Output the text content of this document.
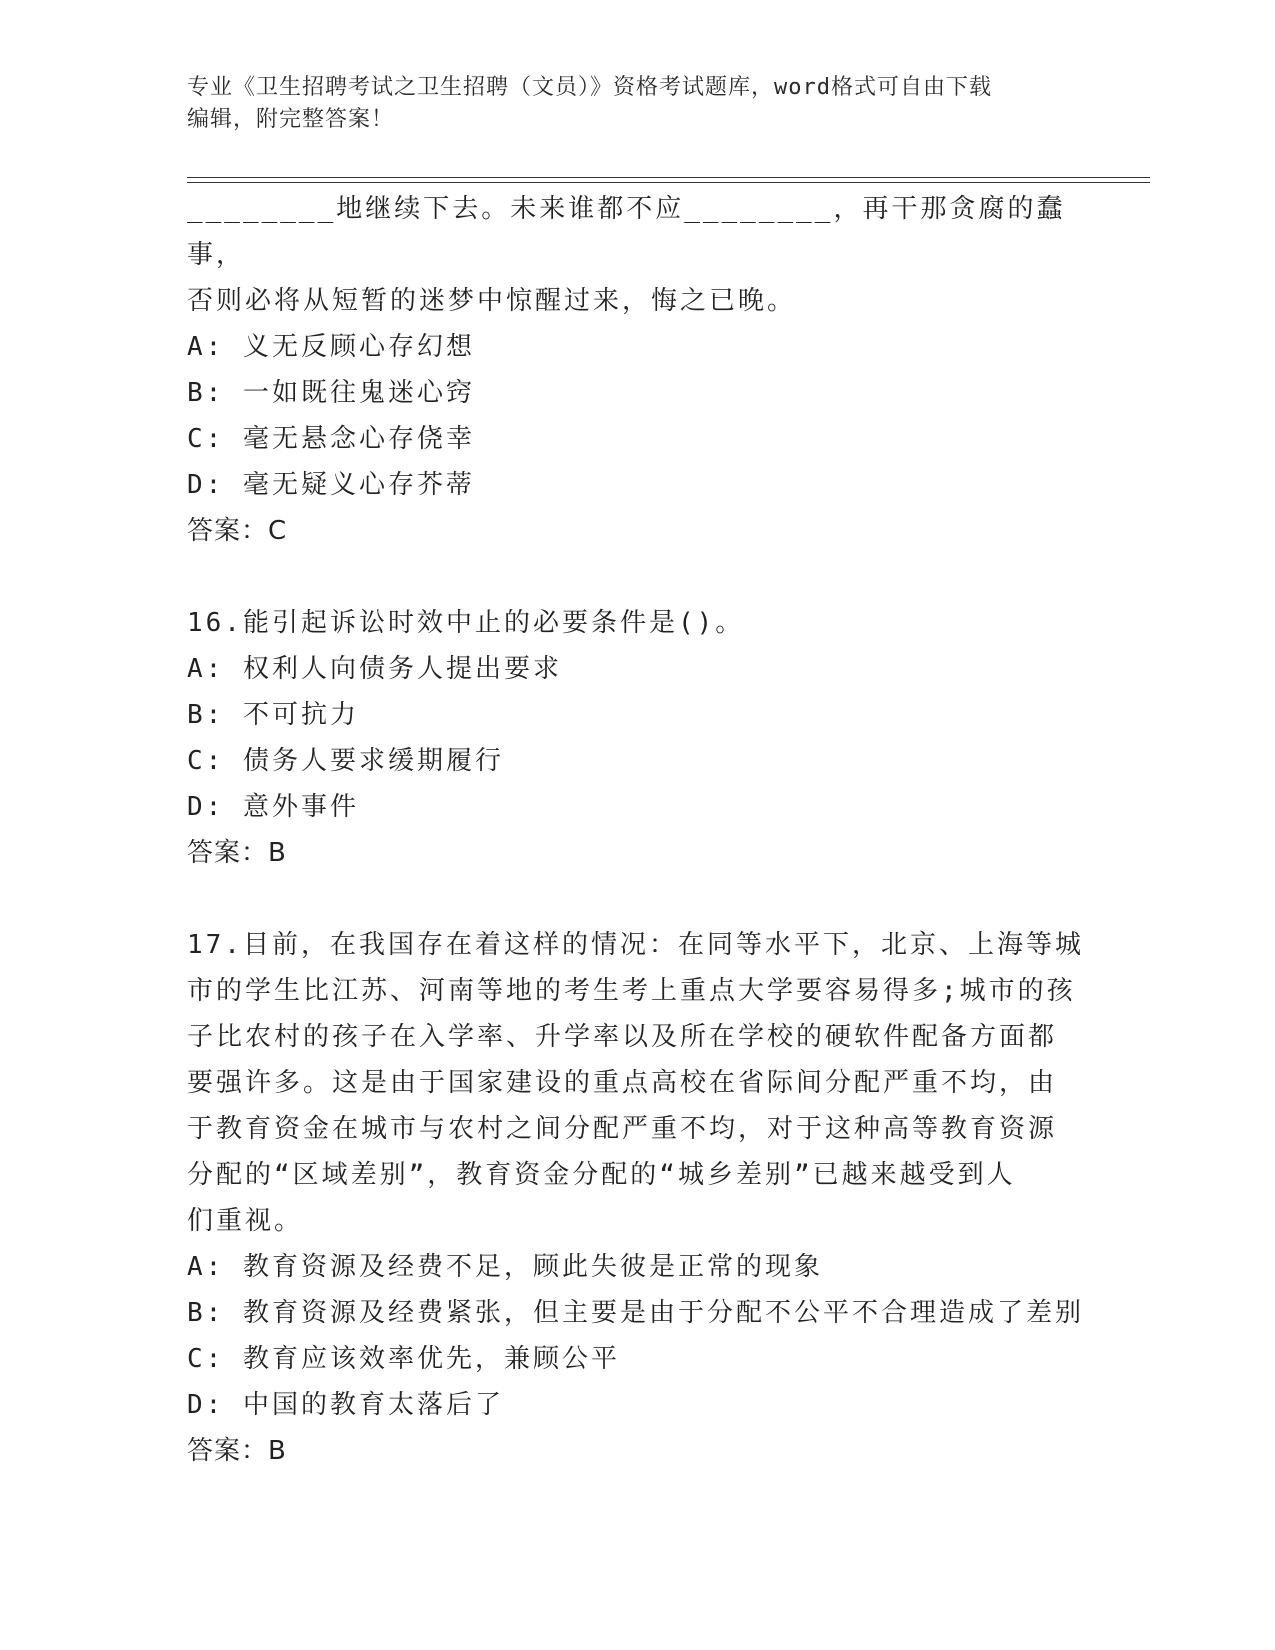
专业《卫生招聘考试之卫生招聘（文员）》资格考试题库，word格式可自由下载
编辑，附完整答案！

________地继续下去。未来谁都不应________，再干那贪腐的蠢事，

否则必将从短暂的迷梦中惊醒过来，悔之已晚。

A: 义无反顾心存幻想

B: 一如既往鬼迷心窍

C: 毫无悬念心存侥幸

D: 毫无疑义心存芥蒂

答案：C

16.能引起诉讼时效中止的必要条件是()。

A: 权利人向债务人提出要求

B: 不可抗力

C: 债务人要求缓期履行

D: 意外事件

答案：B

17.目前，在我国存在着这样的情况：在同等水平下，北京、上海等城

市的学生比江苏、河南等地的考生考上重点大学要容易得多;城市的孩

子比农村的孩子在入学率、升学率以及所在学校的硬软件配备方面都

要强许多。这是由于国家建设的重点高校在省际间分配严重不均，由

于教育资金在城市与农村之间分配严重不均，对于这种高等教育资源

分配的“区域差别”，教育资金分配的“城乡差别”已越来越受到人

们重视。

A: 教育资源及经费不足，顾此失彼是正常的现象

B: 教育资源及经费紧张，但主要是由于分配不公平不合理造成了差别

C: 教育应该效率优先，兼顾公平

D: 中国的教育太落后了

答案：B
